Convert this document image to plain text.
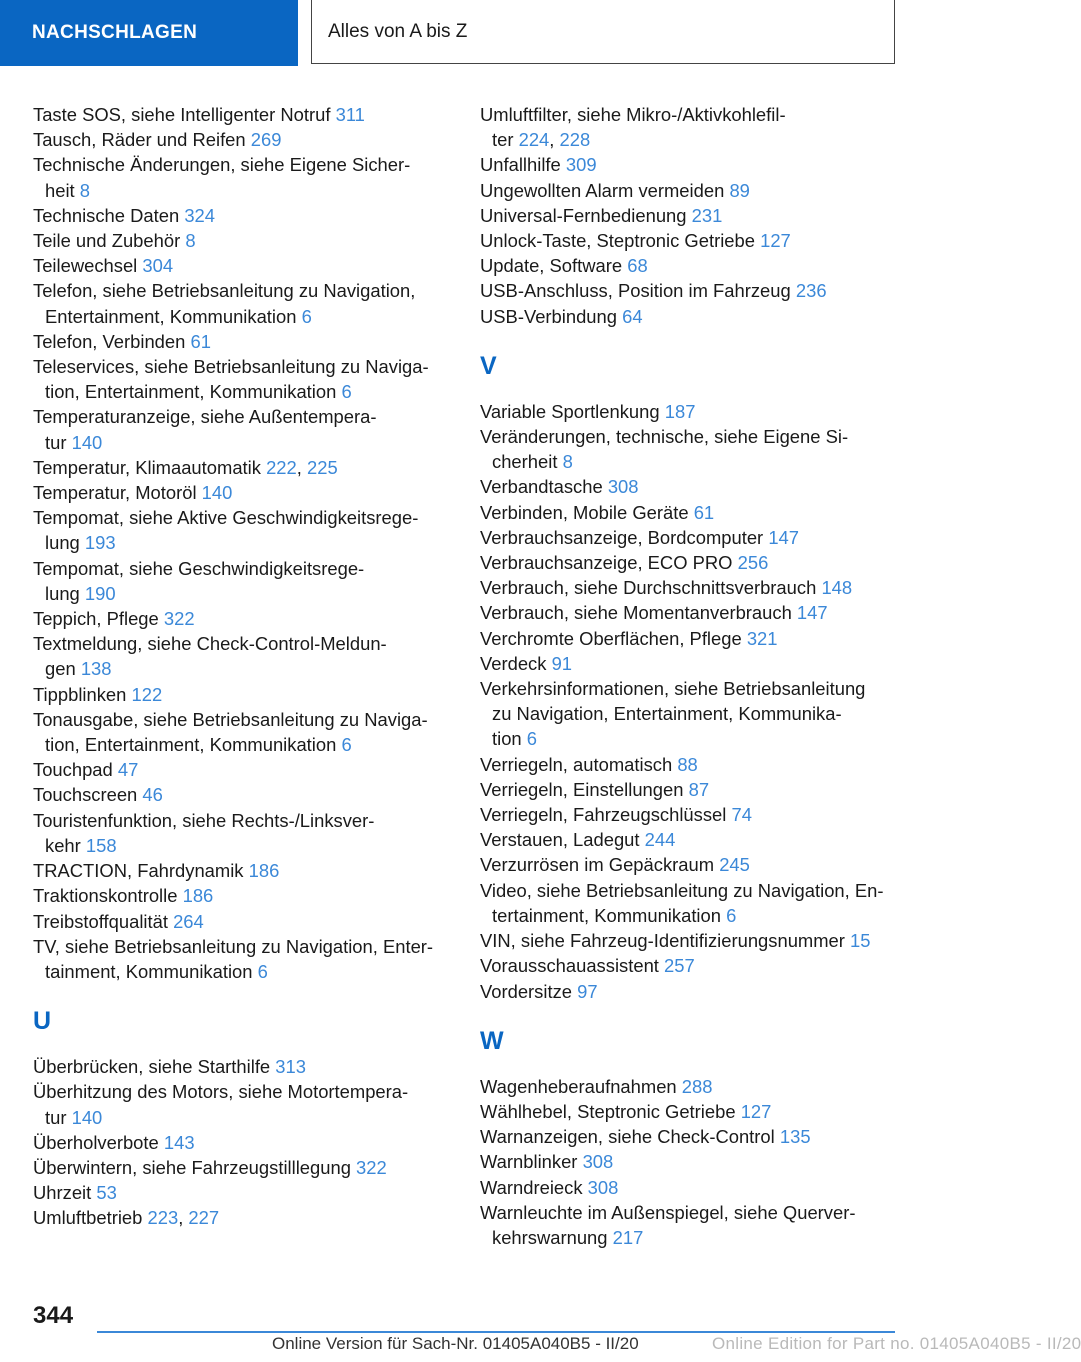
NACHSCHLAGEN	Alles von A bis Z
Taste SOS, siehe Intelligenter Notruf 311
Tausch, Räder und Reifen 269
Technische Änderungen, siehe Eigene Sicher-
heit 8
Technische Daten 324
Teile und Zubehör 8
Teilewechsel 304
Telefon, siehe Betriebsanleitung zu Navigation,
Entertainment, Kommunikation 6
Telefon, Verbinden 61
Teleservices, siehe Betriebsanleitung zu Naviga-
tion, Entertainment, Kommunikation 6
Temperaturanzeige, siehe Außentempera-
tur 140
Temperatur, Klimaautomatik 222, 225
Temperatur, Motoröl 140
Tempomat, siehe Aktive Geschwindigkeitsrege-
lung 193
Tempomat, siehe Geschwindigkeitsrege-
lung 190
Teppich, Pflege 322
Textmeldung, siehe Check-Control-Meldun-
gen 138
Tippblinken 122
Tonausgabe, siehe Betriebsanleitung zu Naviga-
tion, Entertainment, Kommunikation 6
Touchpad 47
Touchscreen 46
Touristenfunktion, siehe Rechts-/Linksver-
kehr 158
TRACTION, Fahrdynamik 186
Traktionskontrolle 186
Treibstoffqualität 264
TV, siehe Betriebsanleitung zu Navigation, Enter-
tainment, Kommunikation 6
U
Überbrücken, siehe Starthilfe 313
Überhitzung des Motors, siehe Motortempera-
tur 140
Überholverbote 143
Überwintern, siehe Fahrzeugstilllegung 322
Uhrzeit 53
Umluftbetrieb 223, 227
Umluftfilter, siehe Mikro-/Aktivkohlefil-
ter 224, 228
Unfallhilfe 309
Ungewollten Alarm vermeiden 89
Universal-Fernbedienung 231
Unlock-Taste, Steptronic Getriebe 127
Update, Software 68
USB-Anschluss, Position im Fahrzeug 236
USB-Verbindung 64
V
Variable Sportlenkung 187
Veränderungen, technische, siehe Eigene Si-
cherheit 8
Verbandtasche 308
Verbinden, Mobile Geräte 61
Verbrauchsanzeige, Bordcomputer 147
Verbrauchsanzeige, ECO PRO 256
Verbrauch, siehe Durchschnittsverbrauch 148
Verbrauch, siehe Momentanverbrauch 147
Verchromte Oberflächen, Pflege 321
Verdeck 91
Verkehrsinformationen, siehe Betriebsanleitung
zu Navigation, Entertainment, Kommunika-
tion 6
Verriegeln, automatisch 88
Verriegeln, Einstellungen 87
Verriegeln, Fahrzeugschlüssel 74
Verstauen, Ladegut 244
Verzurrösen im Gepäckraum 245
Video, siehe Betriebsanleitung zu Navigation, En-
tertainment, Kommunikation 6
VIN, siehe Fahrzeug-Identifizierungsnummer 15
Vorausschauassistent 257
Vordersitze 97
W
Wagenheberaufnahmen 288
Wählhebel, Steptronic Getriebe 127
Warnanzeigen, siehe Check-Control 135
Warnblinker 308
Warndreieck 308
Warnleuchte im Außenspiegel, siehe Querver-
kehrswarnung 217
344
Online Version für Sach-Nr. 01405A040B5 - II/20	Online Edition for Part no. 01405A040B5 - II/20
